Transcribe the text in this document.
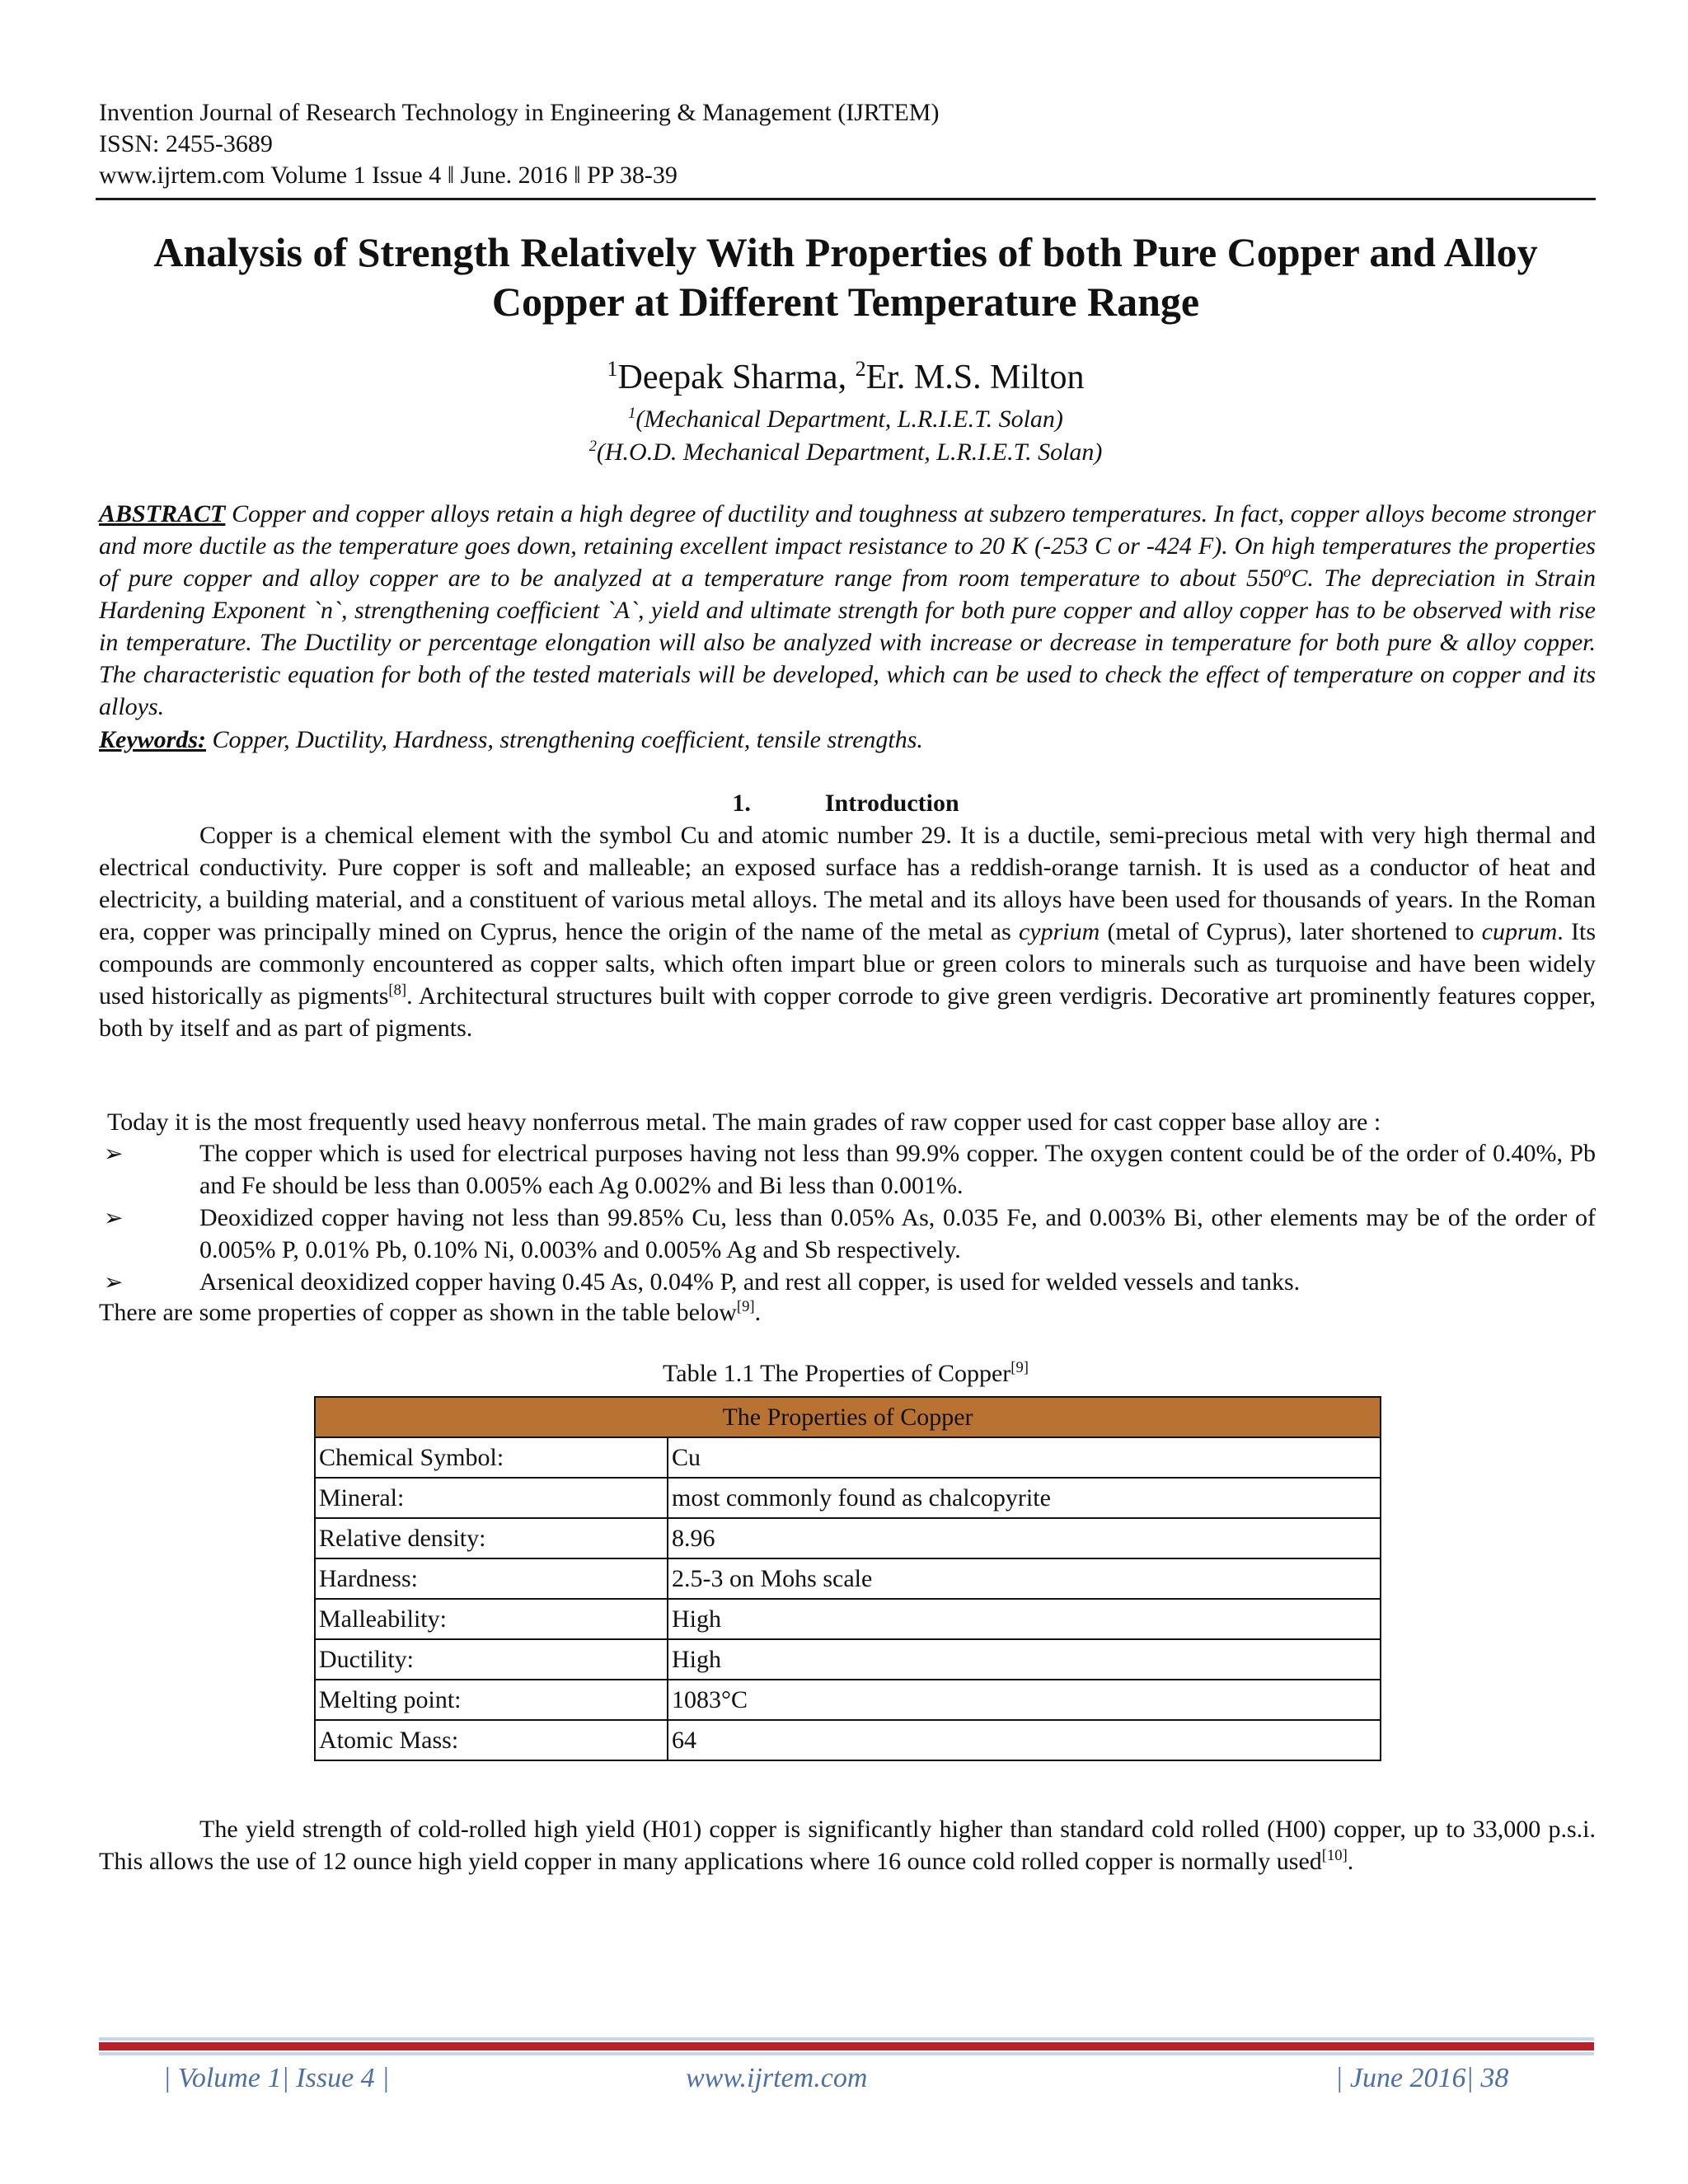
Invention Journal of Research Technology in Engineering & Management (IJRTEM)
ISSN: 2455-3689
www.ijrtem.com Volume 1 Issue 4 ǁ June. 2016 ǁ PP 38-39
Analysis of Strength Relatively With Properties of both Pure Copper and Alloy
Copper at Different Temperature Range
$^1$Deepak Sharma, $^2$Er. M.S. Milton
$^1$(Mechanical Department, L.R.I.E.T. Solan)
$^2$(H.O.D. Mechanical Department, L.R.I.E.T. Solan)
ABSTRACT Copper and copper alloys retain a high degree of ductility and toughness at subzero temperatures. In fact, copper alloys become stronger and more ductile as the temperature goes down, retaining excellent impact resistance to 20 K (-253 C or -424 F). On high temperatures the properties of pure copper and alloy copper are to be analyzed at a temperature range from room temperature to about 550$^o$C. The depreciation in Strain Hardening Exponent `n`, strengthening coefficient `A`, yield and ultimate strength for both pure copper and alloy copper has to be observed with rise in temperature. The Ductility or percentage elongation will also be analyzed with increase or decrease in temperature for both pure & alloy copper. The characteristic equation for both of the tested materials will be developed, which can be used to check the effect of temperature on copper and its alloys.
Keywords: Copper, Ductility, Hardness, strengthening coefficient, tensile strengths.
1.	Introduction
Copper is a chemical element with the symbol Cu and atomic number 29. It is a ductile, semi-precious metal with very high thermal and electrical conductivity. Pure copper is soft and malleable; an exposed surface has a reddish-orange tarnish. It is used as a conductor of heat and electricity, a building material, and a constituent of various metal alloys. The metal and its alloys have been used for thousands of years. In the Roman era, copper was principally mined on Cyprus, hence the origin of the name of the metal as cyprium (metal of Cyprus), later shortened to cuprum. Its compounds are commonly encountered as copper salts, which often impart blue or green colors to minerals such as turquoise and have been widely used historically as pigments[8]. Architectural structures built with copper corrode to give green verdigris. Decorative art prominently features copper, both by itself and as part of pigments.
Today it is the most frequently used heavy nonferrous metal. The main grades of raw copper used for cast copper base alloy are :
➢	The copper which is used for electrical purposes having not less than 99.9% copper. The oxygen content could be of the order of 0.40%, Pb and Fe should be less than 0.005% each Ag 0.002% and Bi less than 0.001%.
➢	Deoxidized copper having not less than 99.85% Cu, less than 0.05% As, 0.035 Fe, and 0.003% Bi, other elements may be of the order of 0.005% P, 0.01% Pb, 0.10% Ni, 0.003% and 0.005% Ag and Sb respectively.
➢	Arsenical deoxidized copper having 0.45 As, 0.04% P, and rest all copper, is used for welded vessels and tanks.
There are some properties of copper as shown in the table below[9].
Table 1.1 The Properties of Copper[9]
The Properties of Copper	
Chemical Symbol:	Cu
Mineral:	most commonly found as chalcopyrite
Relative density:	8.96
Hardness:	2.5-3 on Mohs scale
Malleability:	High
Ductility:	High
Melting point:	1083°C
Atomic Mass:	64
The yield strength of cold-rolled high yield (H01) copper is significantly higher than standard cold rolled (H00) copper, up to 33,000 p.s.i. This allows the use of 12 ounce high yield copper in many applications where 16 ounce cold rolled copper is normally used[10].
| Volume 1| Issue 4 |	www.ijrtem.com	| June 2016| 38
